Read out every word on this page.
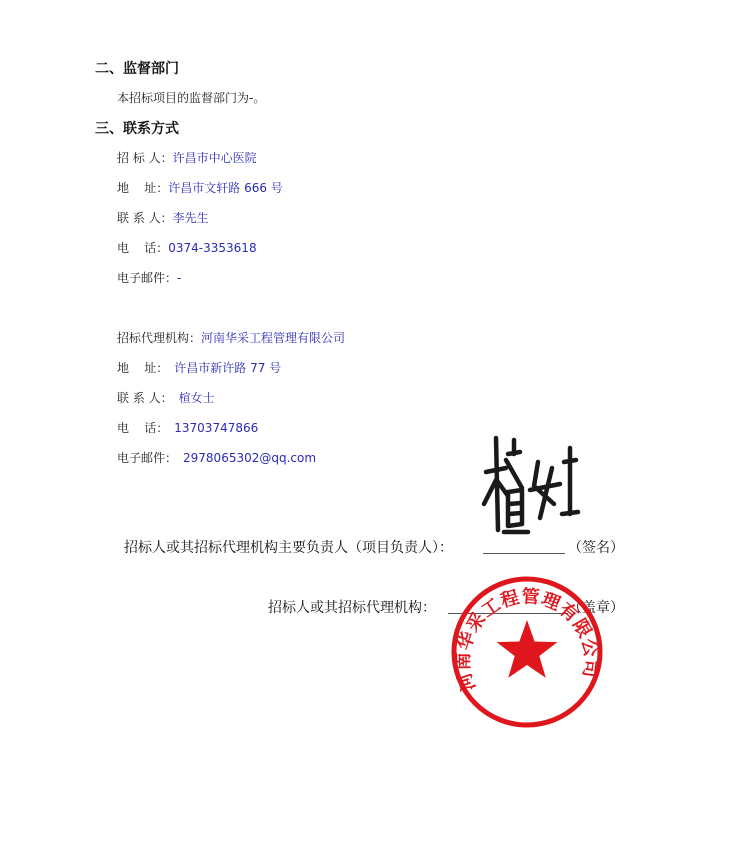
二、监督部门
本招标项目的监督部门为-。
三、联系方式
招 标 人：许昌市中心医院
地    址：许昌市文轩路 666 号
联 系 人：李先生
电    话：0374-3353618
电子邮件：-
招标代理机构：河南华采工程管理有限公司
地    址： 许昌市新许路 77 号
联 系 人： 楦女士
电    话： 13703747866
电子邮件： 2978065302@qq.com
招标人或其招标代理机构主要负责人（项目负责人）：	（签名）
招标人或其招标代理机构：	（盖章）
河南华采工程管理有限公司
